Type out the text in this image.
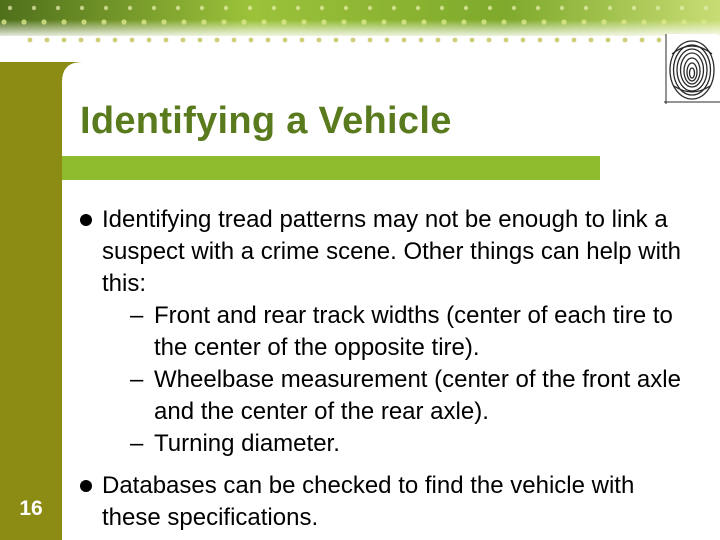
Identifying a Vehicle
Identifying tread patterns may not be enough to link a suspect with a crime scene. Other things can help with this:
– Front and rear track widths (center of each tire to the center of the opposite tire).
– Wheelbase measurement (center of the front axle and the center of the rear axle).
– Turning diameter.
Databases can be checked to find the vehicle with these specifications.
16
